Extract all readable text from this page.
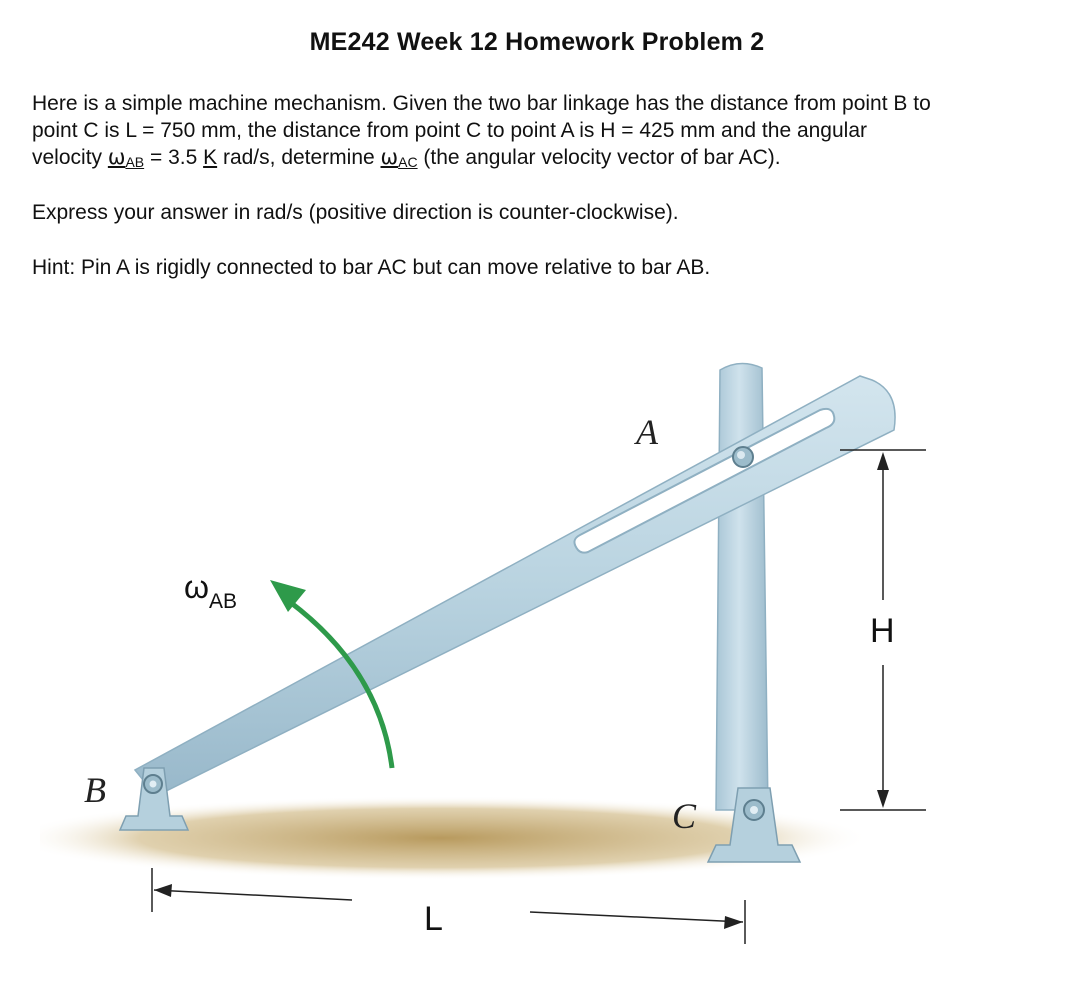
ME242 Week 12 Homework Problem 2
Here is a simple machine mechanism. Given the two bar linkage has the distance from point B to
point C is L = 750 mm, the distance from point C to point A is H = 425 mm and the angular
velocity $\omega_{AB} = 3.5$ K rad/s, determine $\omega_{AC}$ (the angular velocity vector of bar AC).
Express your answer in rad/s (positive direction is counter-clockwise).
Hint: Pin A is rigidly connected to bar AC but can move relative to bar AB.
A
B
C
H
L
$\omega_{AB}$
